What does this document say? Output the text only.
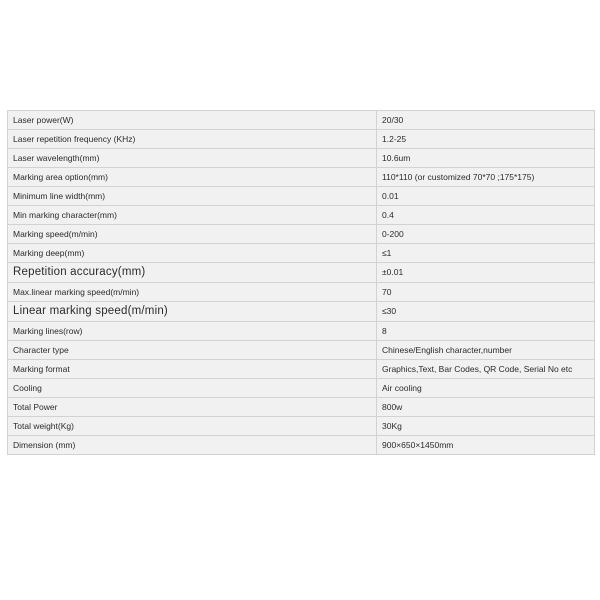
Laser power(W)	20/30
Laser repetition frequency (KHz)	1.2-25
Laser wavelength(mm)	10.6um
Marking area option(mm)	110*110 (or customized 70*70 ;175*175)
Minimum line width(mm)	0.01
Min marking character(mm)	0.4
Marking speed(m/min)	0-200
Marking deep(mm)	≤1
Repetition accuracy(mm)	±0.01
Max.linear marking speed(m/min)	70
Linear marking speed(m/min)	≤30
Marking lines(row)	8
Character type	Chinese/English character,number
Marking format	Graphics,Text, Bar Codes, QR Code, Serial No etc
Cooling	Air cooling
Total Power	800w
Total weight(Kg)	30Kg
Dimension (mm)	900×650×1450mm
